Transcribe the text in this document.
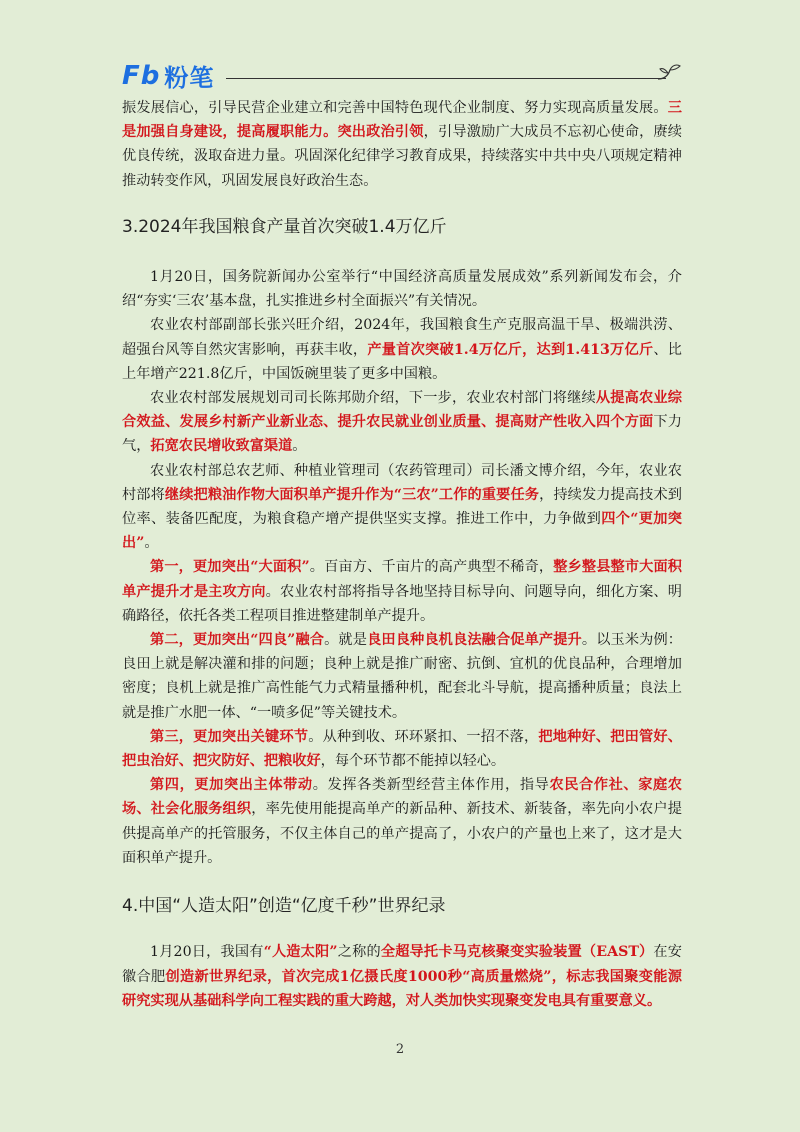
Fb 粉笔

振发展信心，引导民营企业建立和完善中国特色现代企业制度、努力实现高质量发展。三是加强自身建设，提高履职能力。突出政治引领，引导激励广大成员不忘初心使命，赓续优良传统，汲取奋进力量。巩固深化纪律学习教育成果，持续落实中共中央八项规定精神推动转变作风，巩固发展良好政治生态。

3.2024年我国粮食产量首次突破1.4万亿斤

1月20日，国务院新闻办公室举行“中国经济高质量发展成效”系列新闻发布会，介绍“夯实‘三农’基本盘，扎实推进乡村全面振兴”有关情况。

农业农村部副部长张兴旺介绍，2024年，我国粮食生产克服高温干旱、极端洪涝、超强台风等自然灾害影响，再获丰收，产量首次突破1.4万亿斤，达到1.413万亿斤、比上年增产221.8亿斤，中国饭碗里装了更多中国粮。

农业农村部发展规划司司长陈邦勋介绍，下一步，农业农村部门将继续从提高农业综合效益、发展乡村新产业新业态、提升农民就业创业质量、提高财产性收入四个方面下力气，拓宽农民增收致富渠道。

农业农村部总农艺师、种植业管理司（农药管理司）司长潘文博介绍，今年，农业农村部将继续把粮油作物大面积单产提升作为“三农”工作的重要任务，持续发力提高技术到位率、装备匹配度，为粮食稳产增产提供坚实支撑。推进工作中，力争做到四个“更加突出”。

第一，更加突出“大面积”。百亩方、千亩片的高产典型不稀奇，整乡整县整市大面积单产提升才是主攻方向。农业农村部将指导各地坚持目标导向、问题导向，细化方案、明确路径，依托各类工程项目推进整建制单产提升。

第二，更加突出“四良”融合。就是良田良种良机良法融合促单产提升。以玉米为例：良田上就是解决灌和排的问题；良种上就是推广耐密、抗倒、宜机的优良品种，合理增加密度；良机上就是推广高性能气力式精量播种机，配套北斗导航，提高播种质量；良法上就是推广水肥一体、“一喷多促”等关键技术。

第三，更加突出关键环节。从种到收、环环紧扣、一招不落，把地种好、把田管好、把虫治好、把灾防好、把粮收好，每个环节都不能掉以轻心。

第四，更加突出主体带动。发挥各类新型经营主体作用，指导农民合作社、家庭农场、社会化服务组织，率先使用能提高单产的新品种、新技术、新装备，率先向小农户提供提高单产的托管服务，不仅主体自己的单产提高了，小农户的产量也上来了，这才是大面积单产提升。

4.中国“人造太阳”创造“亿度千秒”世界纪录

1月20日，我国有“人造太阳”之称的全超导托卡马克核聚变实验装置（EAST）在安徽合肥创造新世界纪录，首次完成1亿摄氏度1000秒“高质量燃烧”，标志我国聚变能源研究实现从基础科学向工程实践的重大跨越，对人类加快实现聚变发电具有重要意义。

2
